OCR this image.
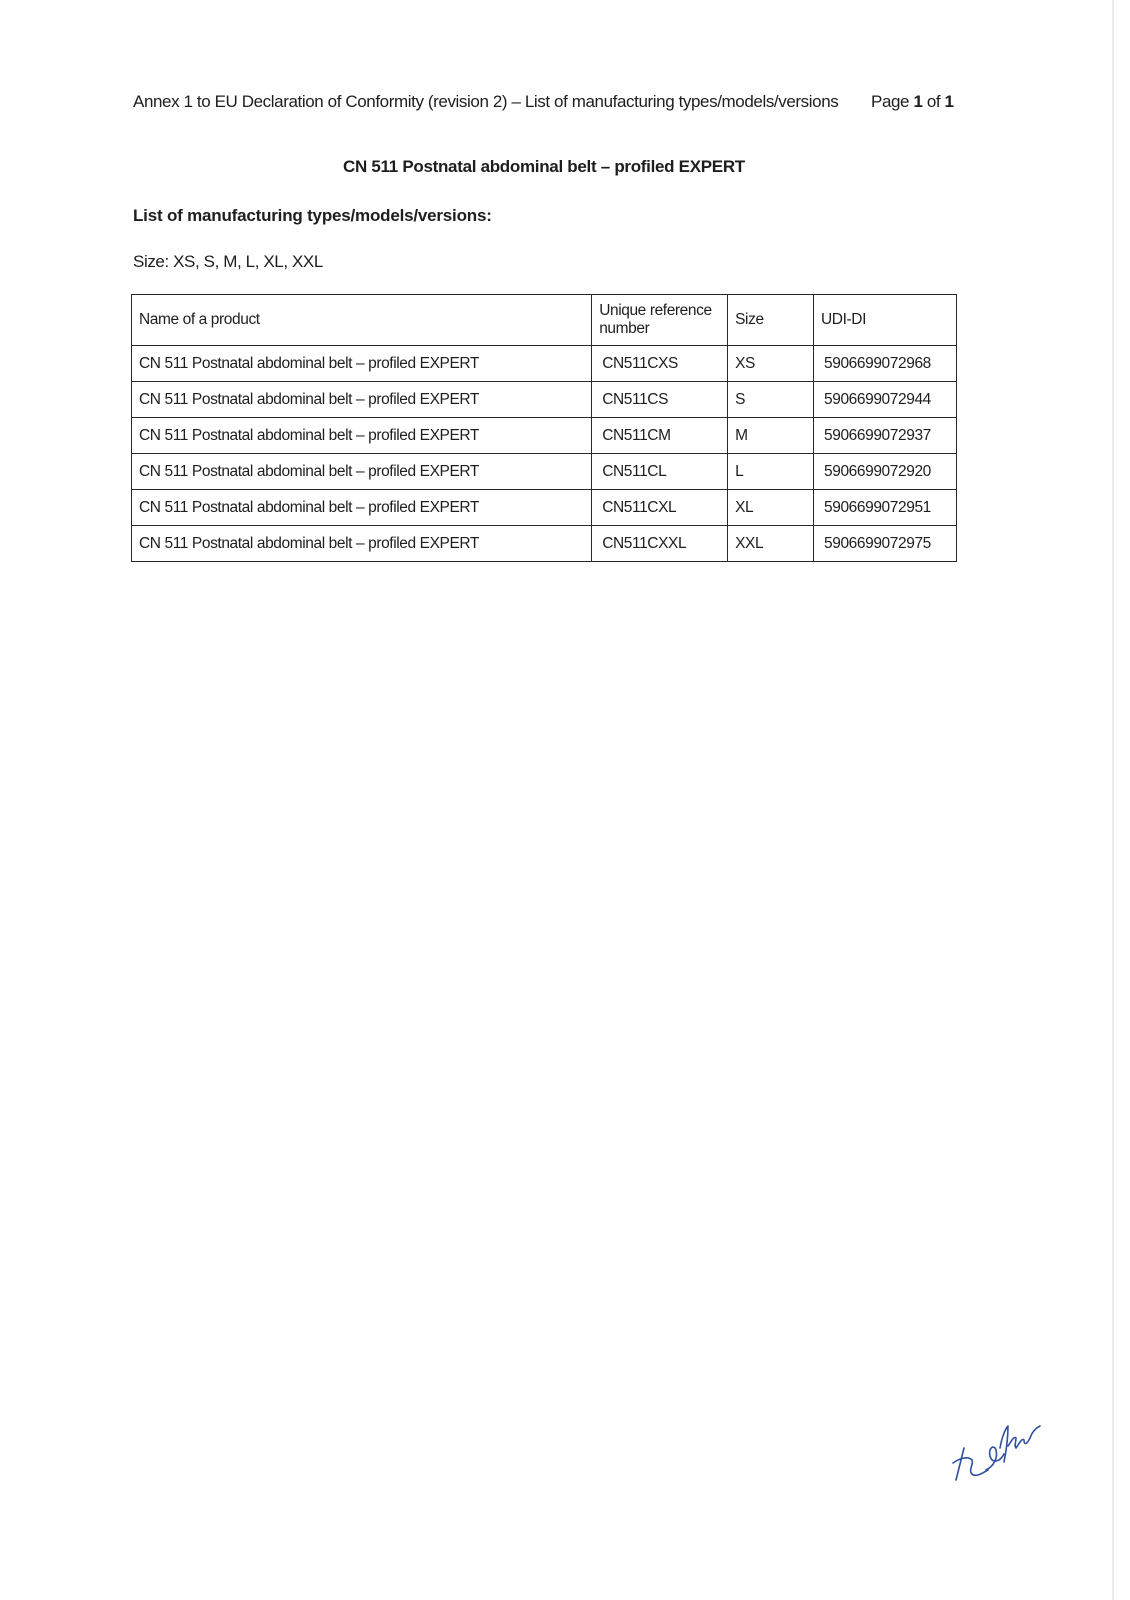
Annex 1 to EU Declaration of Conformity (revision 2) – List of manufacturing types/models/versions Page 1 of 1
CN 511 Postnatal abdominal belt – profiled EXPERT
List of manufacturing types/models/versions:
Size: XS, S, M, L, XL, XXL
Name of a product	Unique reference number	Size	UDI-DI
CN 511 Postnatal abdominal belt – profiled EXPERT	CN511CXS	XS	5906699072968
CN 511 Postnatal abdominal belt – profiled EXPERT	CN511CS	S	5906699072944
CN 511 Postnatal abdominal belt – profiled EXPERT	CN511CM	M	5906699072937
CN 511 Postnatal abdominal belt – profiled EXPERT	CN511CL	L	5906699072920
CN 511 Postnatal abdominal belt – profiled EXPERT	CN511CXL	XL	5906699072951
CN 511 Postnatal abdominal belt – profiled EXPERT	CN511CXXL	XXL	5906699072975
